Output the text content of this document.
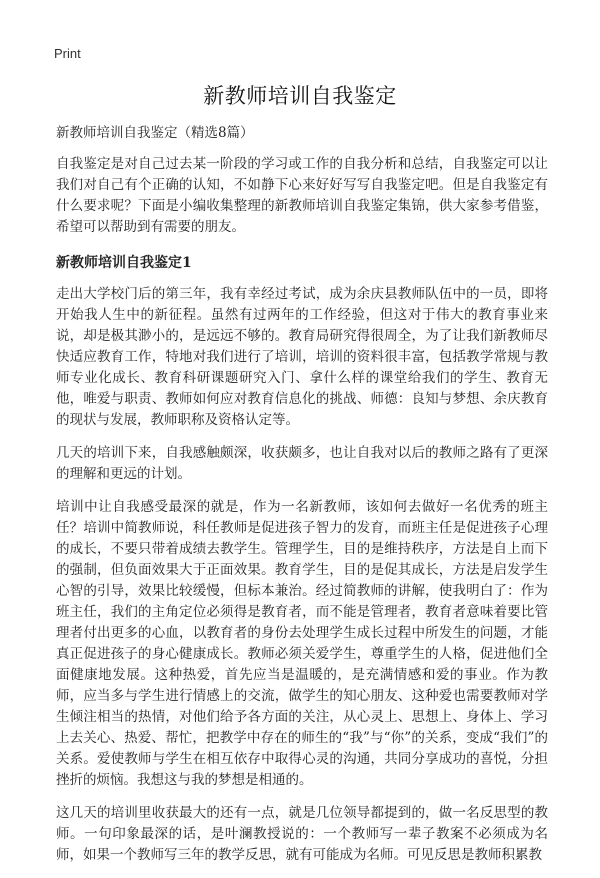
Print
新教师培训自我鉴定

新教师培训自我鉴定（精选8篇）

自我鉴定是对自己过去某一阶段的学习或工作的自我分析和总结，自我鉴定可以让我们对自己有个正确的认知，不如静下心来好好写写自我鉴定吧。但是自我鉴定有什么要求呢？下面是小编收集整理的新教师培训自我鉴定集锦，供大家参考借鉴，希望可以帮助到有需要的朋友。

新教师培训自我鉴定1

走出大学校门后的第三年，我有幸经过考试，成为余庆县教师队伍中的一员，即将开始我人生中的新征程。虽然有过两年的工作经验，但这对于伟大的教育事业来说，却是极其渺小的，是远远不够的。教育局研究得很周全，为了让我们新教师尽快适应教育工作，特地对我们进行了培训，培训的资料很丰富，包括教学常规与教师专业化成长、教育科研课题研究入门、拿什么样的课堂给我们的学生、教育无他，唯爱与职责、教师如何应对教育信息化的挑战、师德：良知与梦想、余庆教育的现状与发展，教师职称及资格认定等。

几天的培训下来，自我感触颇深，收获颇多，也让自我对以后的教师之路有了更深的理解和更远的计划。

培训中让自我感受最深的就是，作为一名新教师，该如何去做好一名优秀的班主任？培训中简教师说，科任教师是促进孩子智力的发育，而班主任是促进孩子心理的成长，不要只带着成绩去教学生。管理学生，目的是维持秩序，方法是自上而下的强制，但负面效果大于正面效果。教育学生，目的是促其成长，方法是启发学生心智的引导，效果比较缓慢，但标本兼治。经过简教师的讲解，使我明白了：作为班主任，我们的主角定位必须得是教育者，而不能是管理者，教育者意味着要比管理者付出更多的心血，以教育者的身份去处理学生成长过程中所发生的问题，才能真正促进孩子的身心健康成长。教师必须关爱学生，尊重学生的人格，促进他们全面健康地发展。这种热爱，首先应当是温暖的，是充满情感和爱的事业。作为教师，应当多与学生进行情感上的交流，做学生的知心朋友、这种爱也需要教师对学生倾注相当的热情，对他们给予各方面的关注，从心灵上、思想上、身体上、学习上去关心、热爱、帮忙，把教学中存在的师生的“我”与“你”的关系，变成“我们”的关系。爱使教师与学生在相互依存中取得心灵的沟通，共同分享成功的喜悦，分担挫折的烦恼。我想这与我的梦想是相通的。

这几天的培训里收获最大的还有一点，就是几位领导都提到的，做一名反思型的教师。一句印象最深的话，是叶澜教授说的：一个教师写一辈子教案不必须成为名师，如果一个教师写三年的教学反思，就有可能成为名师。可见反思是教师积累教
